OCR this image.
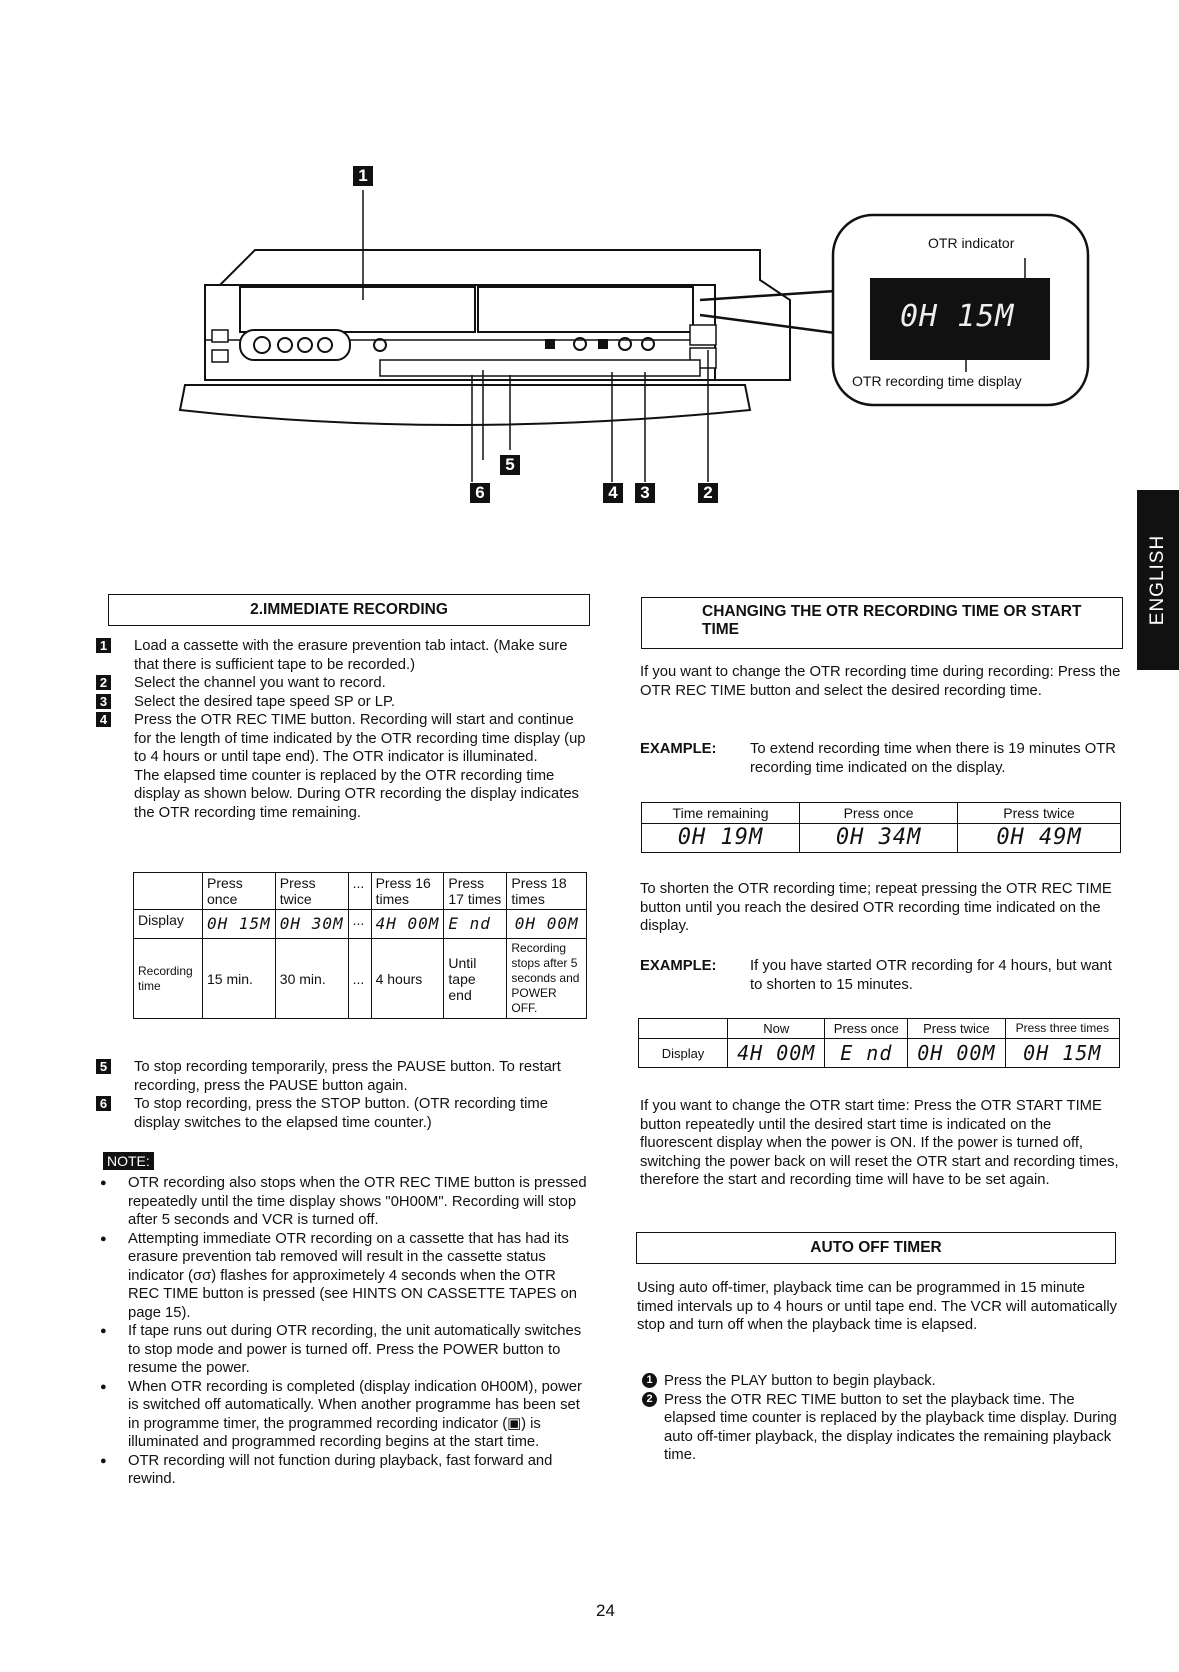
1
5
6	4	3	2
OTR indicator
0H 15M
OTR recording time display
ENGLISH
2.IMMEDIATE RECORDING

1 Load a cassette with the erasure prevention tab intact. (Make sure that there is sufficient tape to be recorded.)

2 Select the channel you want to record.

3 Select the desired tape speed SP or LP.

4 Press the OTR REC TIME button. Recording will start and continue for the length of time indicated by the OTR recording time display (up to 4 hours or until tape end). The OTR indicator is illuminated.

The elapsed time counter is replaced by the OTR recording time display as shown below. During OTR recording the display indicates the OTR recording time remaining.

	Press once	Press twice	...	Press 16 times	Press 17 times	Press 18 times
Display	0H 15M	0H 30M	...	4H 00M	E nd	0H 00M
Recording time	15 min.	30 min.	...	4 hours	Until tape end	Recording stops after 5 seconds and POWER OFF.

5 To stop recording temporarily, press the PAUSE button. To restart recording, press the PAUSE button again.

6 To stop recording, press the STOP button. (OTR recording time display switches to the elapsed time counter.)

NOTE:

● OTR recording also stops when the OTR REC TIME button is pressed repeatedly until the time display shows "0H00M". Recording will stop after 5 seconds and VCR is turned off.

● Attempting immediate OTR recording on a cassette that has had its erasure prevention tab removed will result in the cassette status indicator (σσ) flashes for approximetely 4 seconds when the OTR REC TIME button is pressed (see HINTS ON CASSETTE TAPES on page 15).

● If tape runs out during OTR recording, the unit automatically switches to stop mode and power is turned off. Press the POWER button to resume the power.

● When OTR recording is completed (display indication 0H00M), power is switched off automatically. When another programme has been set in programme timer, the programmed recording indicator (▣) is illuminated and programmed recording begins at the start time.

● OTR recording will not function during playback, fast forward and rewind.

CHANGING THE OTR RECORDING TIME OR START TIME
If you want to change the OTR recording time during recording: Press the OTR REC TIME button and select the desired recording time.
EXAMPLE: To extend recording time when there is 19 minutes OTR recording time indicated on the display.
Time remaining	Press once	Press twice
0H 19M	0H 34M	0H 49M
To shorten the OTR recording time; repeat pressing the OTR REC TIME button until you reach the desired OTR recording time indicated on the display.
EXAMPLE: If you have started OTR recording for 4 hours, but want to shorten to 15 minutes.
	Now	Press once	Press twice	Press three times
Display	4H 00M	E nd	0H 00M	0H 15M
If you want to change the OTR start time: Press the OTR START TIME button repeatedly until the desired start time is indicated on the fluorescent display when the power is ON. If the power is turned off, switching the power back on will reset the OTR start and recording times, therefore the start and recording time will have to be set again.
AUTO OFF TIMER
Using auto off-timer, playback time can be programmed in 15 minute timed intervals up to 4 hours or until tape end. The VCR will automatically stop and turn off when the playback time is elapsed.

1 Press the PLAY button to begin playback.

2 Press the OTR REC TIME button to set the playback time. The elapsed time counter is replaced by the playback time display. During auto off-timer playback, the display indicates the remaining playback time.

24
